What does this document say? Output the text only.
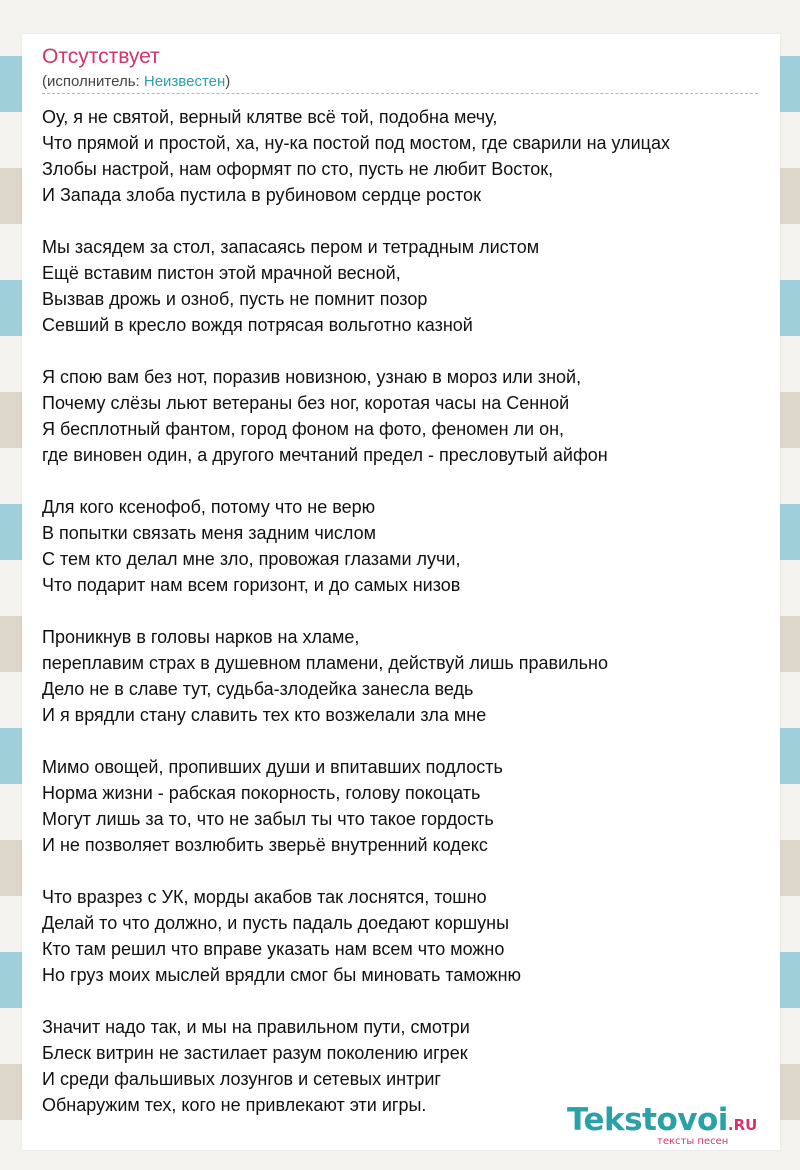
Отсутствует
(исполнитель: Неизвестен)
Оу, я не святой, верный клятве всё той, подобна мечу,
Что прямой и простой, ха, ну-ка постой под мостом, где сварили на улицах
Злобы настрой, нам оформят по сто, пусть не любит Восток,
И Запада злоба пустила в рубиновом сердце росток
Мы засядем за стол, запасаясь пером и тетрадным листом
Ещё вставим пистон этой мрачной весной,
Вызвав дрожь и озноб, пусть не помнит позор
Севший в кресло вождя потрясая вольготно казной
Я спою вам без нот, поразив новизною, узнаю в мороз или зной,
Почему слёзы льют ветераны без ног, коротая часы на Сенной
Я бесплотный фантом, город фоном на фото, феномен ли он,
где виновен один, а другого мечтаний предел - пресловутый айфон
Для кого ксенофоб, потому что не верю
В попытки связать меня задним числом
С тем кто делал мне зло, провожая глазами лучи,
Что подарит нам всем горизонт, и до самых низов
Проникнув в головы нарков на хламе,
переплавим страх в душевном пламени, действуй лишь правильно
Дело не в славе тут, судьба-злодейка занесла ведь
И я врядли стану славить тех кто возжелали зла мне
Мимо овощей, пропивших души и впитавших подлость
Норма жизни - рабская покорность, голову покоцать
Могут лишь за то, что не забыл ты что такое гордость
И не позволяет возлюбить зверьё внутренний кодекс
Что вразрез с УК, морды акабов так лоснятся, тошно
Делай то что должно, и пусть падаль доедают коршуны
Кто там решил что вправе указать нам всем что можно
Но груз моих мыслей врядли смог бы миновать таможню
Значит надо так, и мы на правильном пути, смотри
Блеск витрин не застилает разум поколению игрек
И среди фальшивых лозунгов и сетевых интриг
Обнаружим тех, кого не привлекают эти игры.	Tekstovoi.RU
тексты песен
